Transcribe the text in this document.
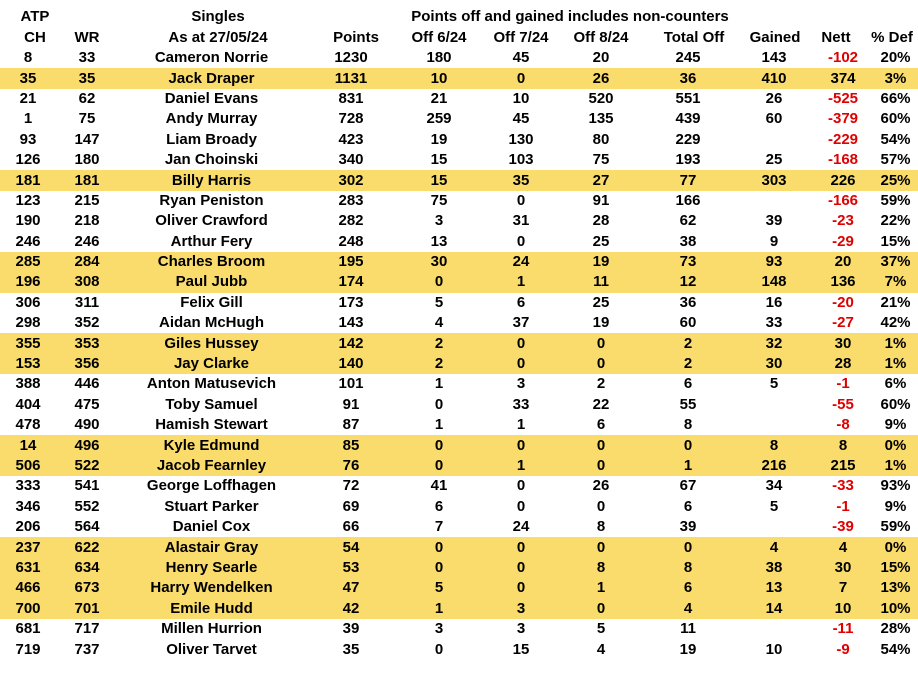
ATP	Singles	Points off and gained includes non-counters
CH	WR	As at 27/05/24	Points	Off 6/24	Off 7/24	Off 8/24	Total Off	Gained	Nett	% Def
8	33	Cameron Norrie	1230	180	45	20	245	143	-102	20%
35	35	Jack Draper	1131	10	0	26	36	410	374	3%
21	62	Daniel Evans	831	21	10	520	551	26	-525	66%
1	75	Andy Murray	728	259	45	135	439	60	-379	60%
93	147	Liam Broady	423	19	130	80	229		-229	54%
126	180	Jan Choinski	340	15	103	75	193	25	-168	57%
181	181	Billy Harris	302	15	35	27	77	303	226	25%
123	215	Ryan Peniston	283	75	0	91	166		-166	59%
190	218	Oliver Crawford	282	3	31	28	62	39	-23	22%
246	246	Arthur Fery	248	13	0	25	38	9	-29	15%
285	284	Charles Broom	195	30	24	19	73	93	20	37%
196	308	Paul Jubb	174	0	1	11	12	148	136	7%
306	311	Felix Gill	173	5	6	25	36	16	-20	21%
298	352	Aidan McHugh	143	4	37	19	60	33	-27	42%
355	353	Giles Hussey	142	2	0	0	2	32	30	1%
153	356	Jay Clarke	140	2	0	0	2	30	28	1%
388	446	Anton Matusevich	101	1	3	2	6	5	-1	6%
404	475	Toby Samuel	91	0	33	22	55		-55	60%
478	490	Hamish Stewart	87	1	1	6	8		-8	9%
14	496	Kyle Edmund	85	0	0	0	0	8	8	0%
506	522	Jacob Fearnley	76	0	1	0	1	216	215	1%
333	541	George Loffhagen	72	41	0	26	67	34	-33	93%
346	552	Stuart Parker	69	6	0	0	6	5	-1	9%
206	564	Daniel Cox	66	7	24	8	39		-39	59%
237	622	Alastair Gray	54	0	0	0	0	4	4	0%
631	634	Henry Searle	53	0	0	8	8	38	30	15%
466	673	Harry Wendelken	47	5	0	1	6	13	7	13%
700	701	Emile Hudd	42	1	3	0	4	14	10	10%
681	717	Millen Hurrion	39	3	3	5	11		-11	28%
719	737	Oliver Tarvet	35	0	15	4	19	10	-9	54%
